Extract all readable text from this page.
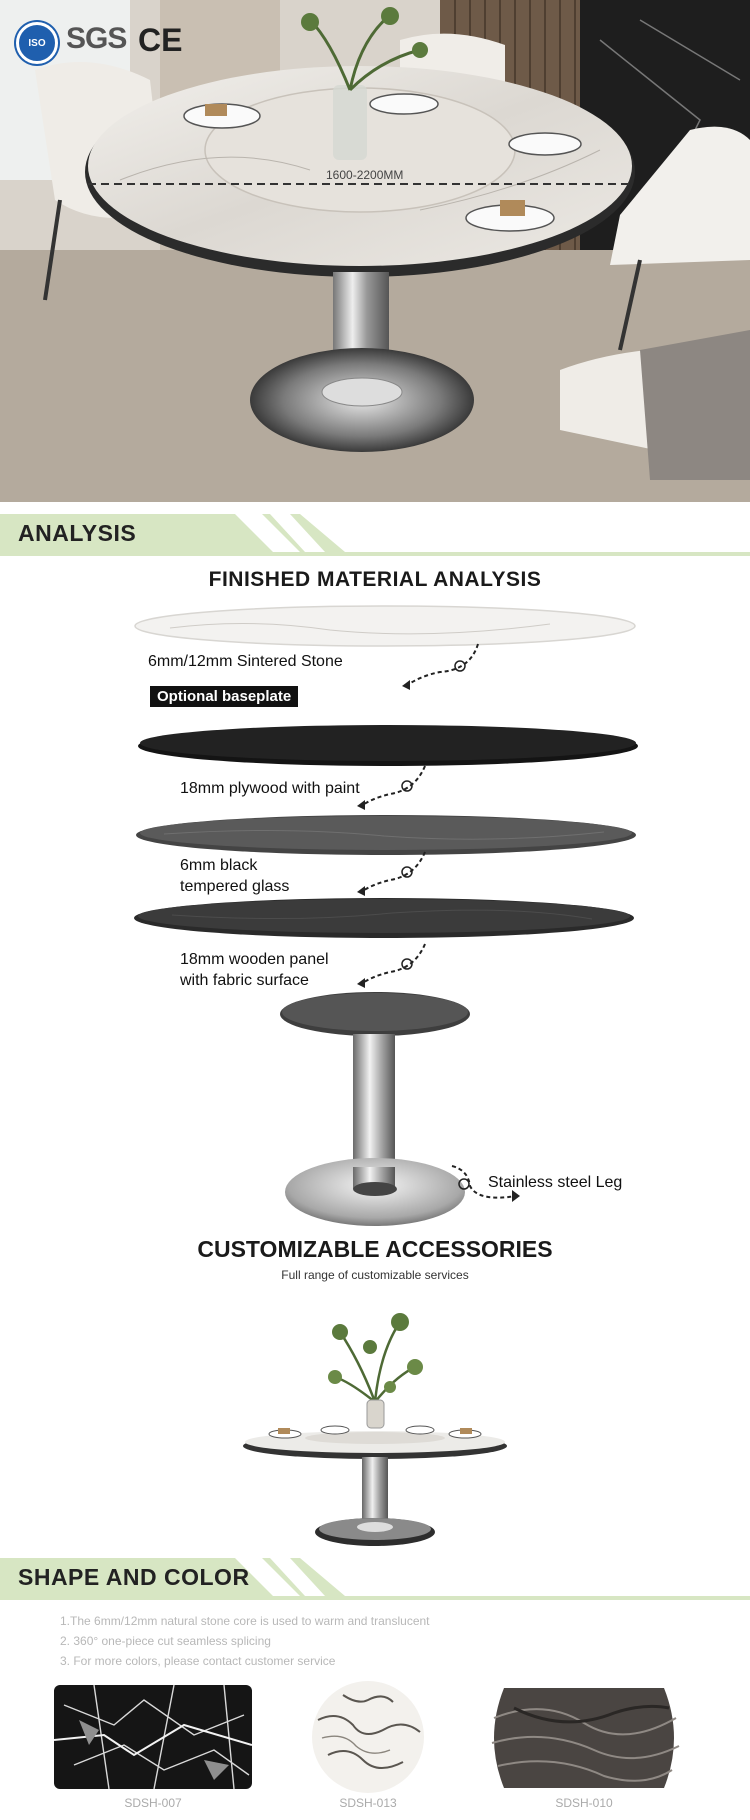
ISO SGS CE
1600-2200MM
ANALYSIS
FINISHED MATERIAL ANALYSIS
6mm/12mm Sintered Stone
Optional baseplate
18mm plywood with paint
6mm black
tempered glass
18mm wooden panel
with fabric surface
Stainless steel Leg
CUSTOMIZABLE ACCESSORIES
Full range of customizable services
SHAPE AND COLOR
1.The 6mm/12mm natural stone core is used to warm and translucent
2. 360° one-piece cut seamless splicing
3. For more colors, please contact customer service
SDSH-007	SDSH-013	SDSH-010
